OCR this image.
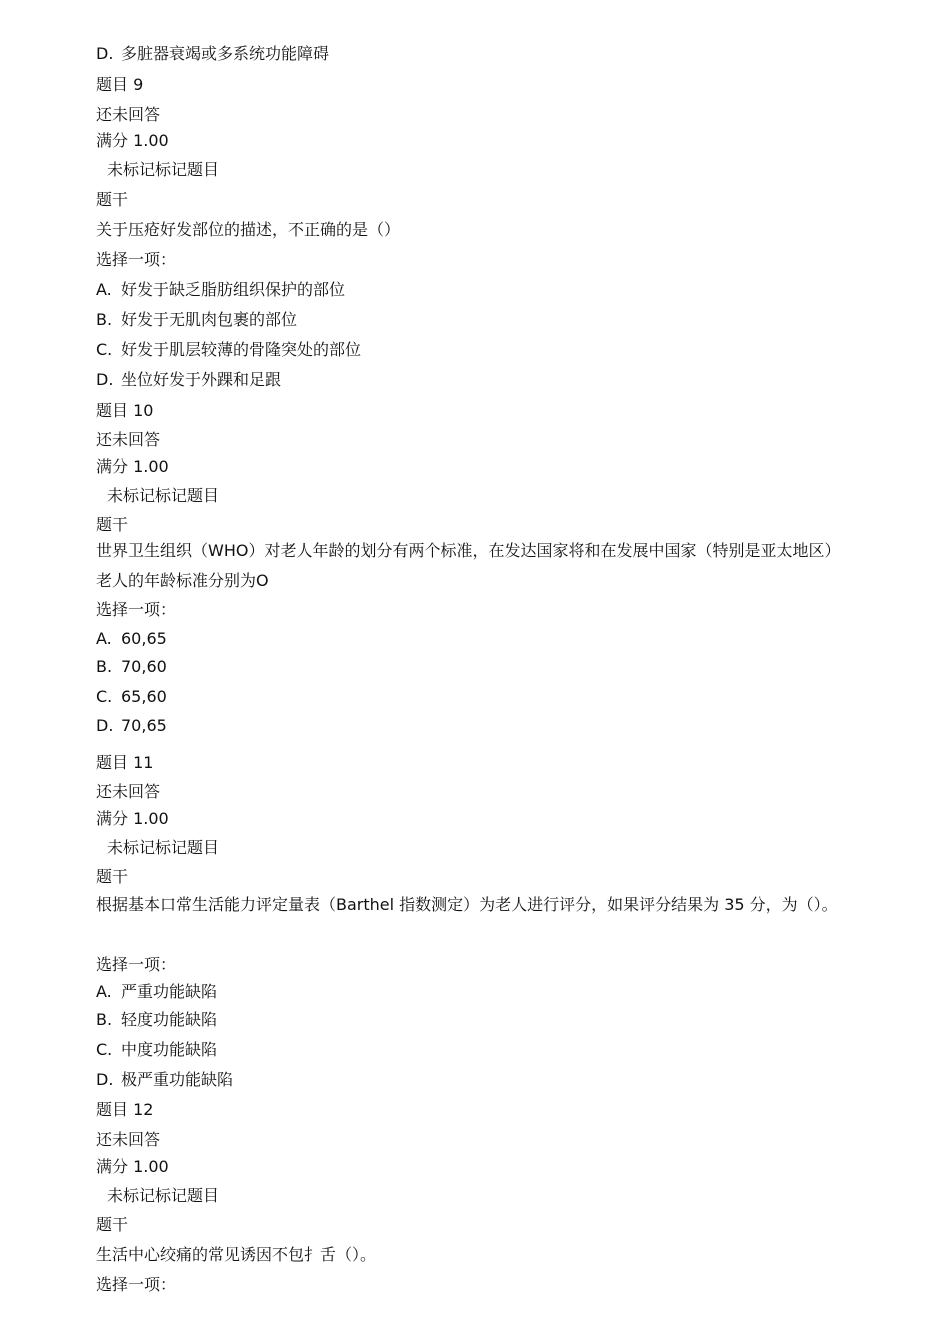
D. 多脏器衰竭或多系统功能障碍
题目 9
还未回答
满分 1.00
未标记标记题目
题干
关于压疮好发部位的描述，不正确的是（）
选择一项：
A. 好发于缺乏脂肪组织保护的部位
B. 好发于无肌肉包裹的部位
C. 好发于肌层较薄的骨隆突处的部位
D. 坐位好发于外踝和足跟
题目 10
还未回答
满分 1.00
未标记标记题目
题干
世界卫生组织（WHO）对老人年龄的划分有两个标准，在发达国家将和在发展中国家（特别是亚太地区）老人的年龄标准分别为O
选择一项：
A. 60,65
B. 70,60
C. 65,60
D. 70,65
题目 11
还未回答
满分 1.00
未标记标记题目
题干
根据基本口常生活能力评定量表（Barthel 指数测定）为老人进行评分，如果评分结果为 35 分，为（）。
选择一项：
A. 严重功能缺陷
B. 轻度功能缺陷
C. 中度功能缺陷
D. 极严重功能缺陷
题目 12
还未回答
满分 1.00
未标记标记题目
题干
生活中心绞痛的常见诱因不包扌舌（）。
选择一项：
